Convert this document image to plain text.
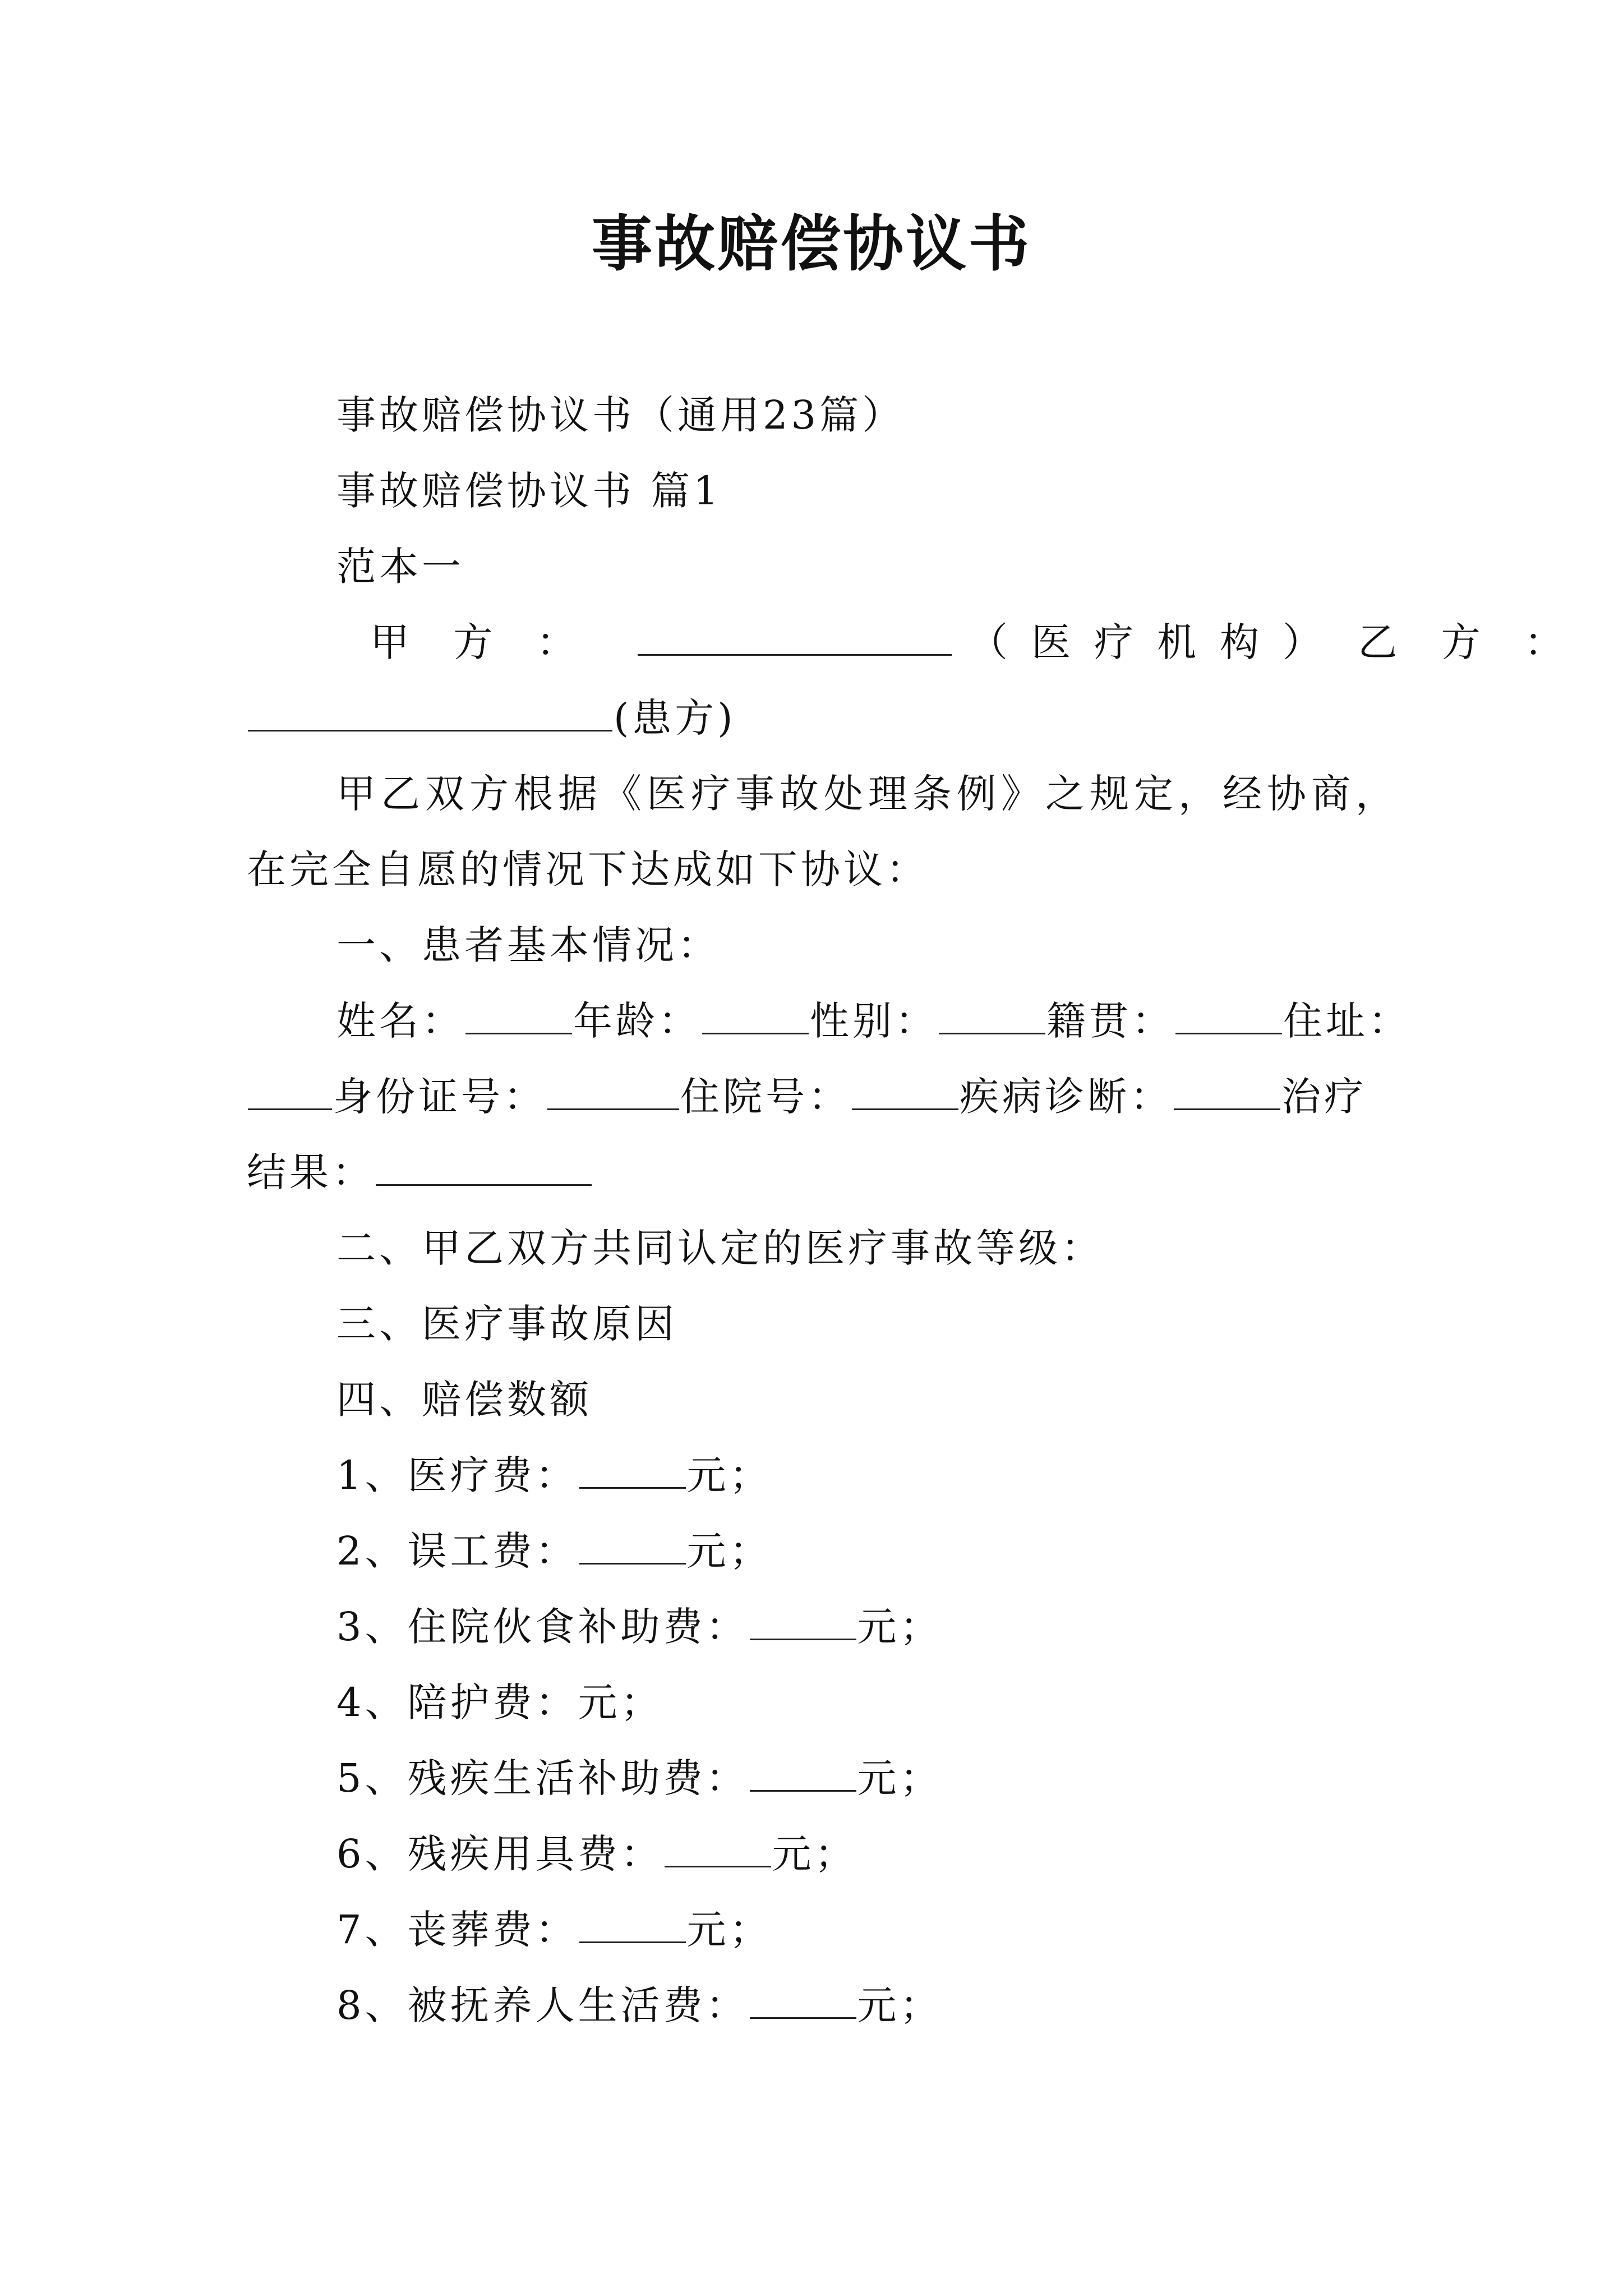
事故赔偿协议书
事故赔偿协议书（通用23篇）
事故赔偿协议书 篇1
范本一
甲 方 ：	（医疗机构） 乙 方 ：
(患方)
甲乙双方根据《医疗事故处理条例》之规定，经协商，
在完全自愿的情况下达成如下协议：
一、患者基本情况：
姓名：	年龄：	性别：	籍贯：	住址：
身份证号：	住院号：	疾病诊断：	治疗
结果：
二、甲乙双方共同认定的医疗事故等级：
三、医疗事故原因
四、赔偿数额
1、医疗费：	元；
2、误工费：	元；
3、住院伙食补助费：	元；
4、陪护费：元；
5、残疾生活补助费：	元；
6、残疾用具费：	元；
7、丧葬费：	元；
8、被抚养人生活费：	元；
